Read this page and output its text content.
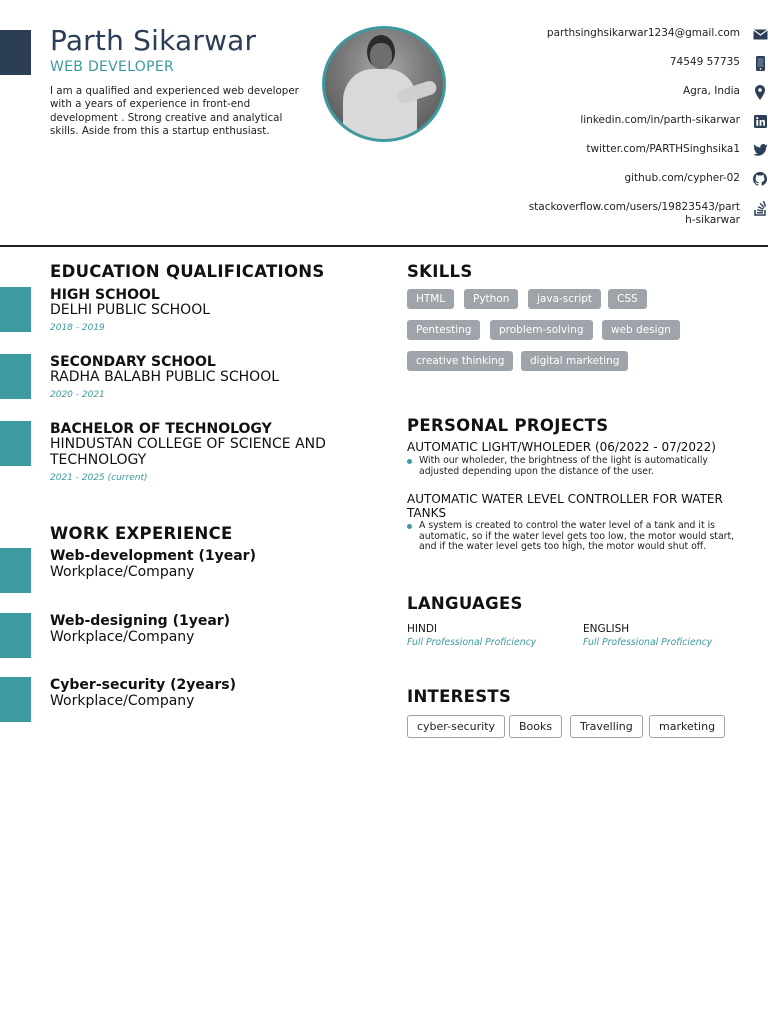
Parth Sikarwar
WEB DEVELOPER
I am a qualified and experienced web developer with a years of experience in front-end development . Strong creative and analytical skills. Aside from this a startup enthusiast.
parthsinghsikarwar1234@gmail.com
74549 57735
Agra, India
linkedin.com/in/parth-sikarwar
twitter.com/PARTHSinghsika1
github.com/cypher-02
stackoverflow.com/users/19823543/parth-sikarwar
EDUCATION QUALIFICATIONS
HIGH SCHOOL
DELHI PUBLIC SCHOOL
2018 - 2019
SECONDARY SCHOOL
RADHA BALABH PUBLIC SCHOOL
2020 - 2021
BACHELOR OF TECHNOLOGY
HINDUSTAN COLLEGE OF SCIENCE AND TECHNOLOGY
2021 - 2025 (current)
WORK EXPERIENCE
Web-development (1year)
Workplace/Company
Web-designing (1year)
Workplace/Company
Cyber-security (2years)
Workplace/Company
SKILLS
HTML	Python	java-script	CSS
Pentesting	problem-solving	web design
creative thinking	digital marketing
PERSONAL PROJECTS
AUTOMATIC LIGHT/WHOLEDER (06/2022 - 07/2022)
With our wholeder, the brightness of the light is automatically adjusted depending upon the distance of the user.
AUTOMATIC WATER LEVEL CONTROLLER FOR WATER TANKS
A system is created to control the water level of a tank and it is automatic, so if the water level gets too low, the motor would start, and if the water level gets too high, the motor would shut off.
LANGUAGES
HINDI
Full Professional Proficiency
ENGLISH
Full Professional Proficiency
INTERESTS
cyber-security	Books	Travelling	marketing
